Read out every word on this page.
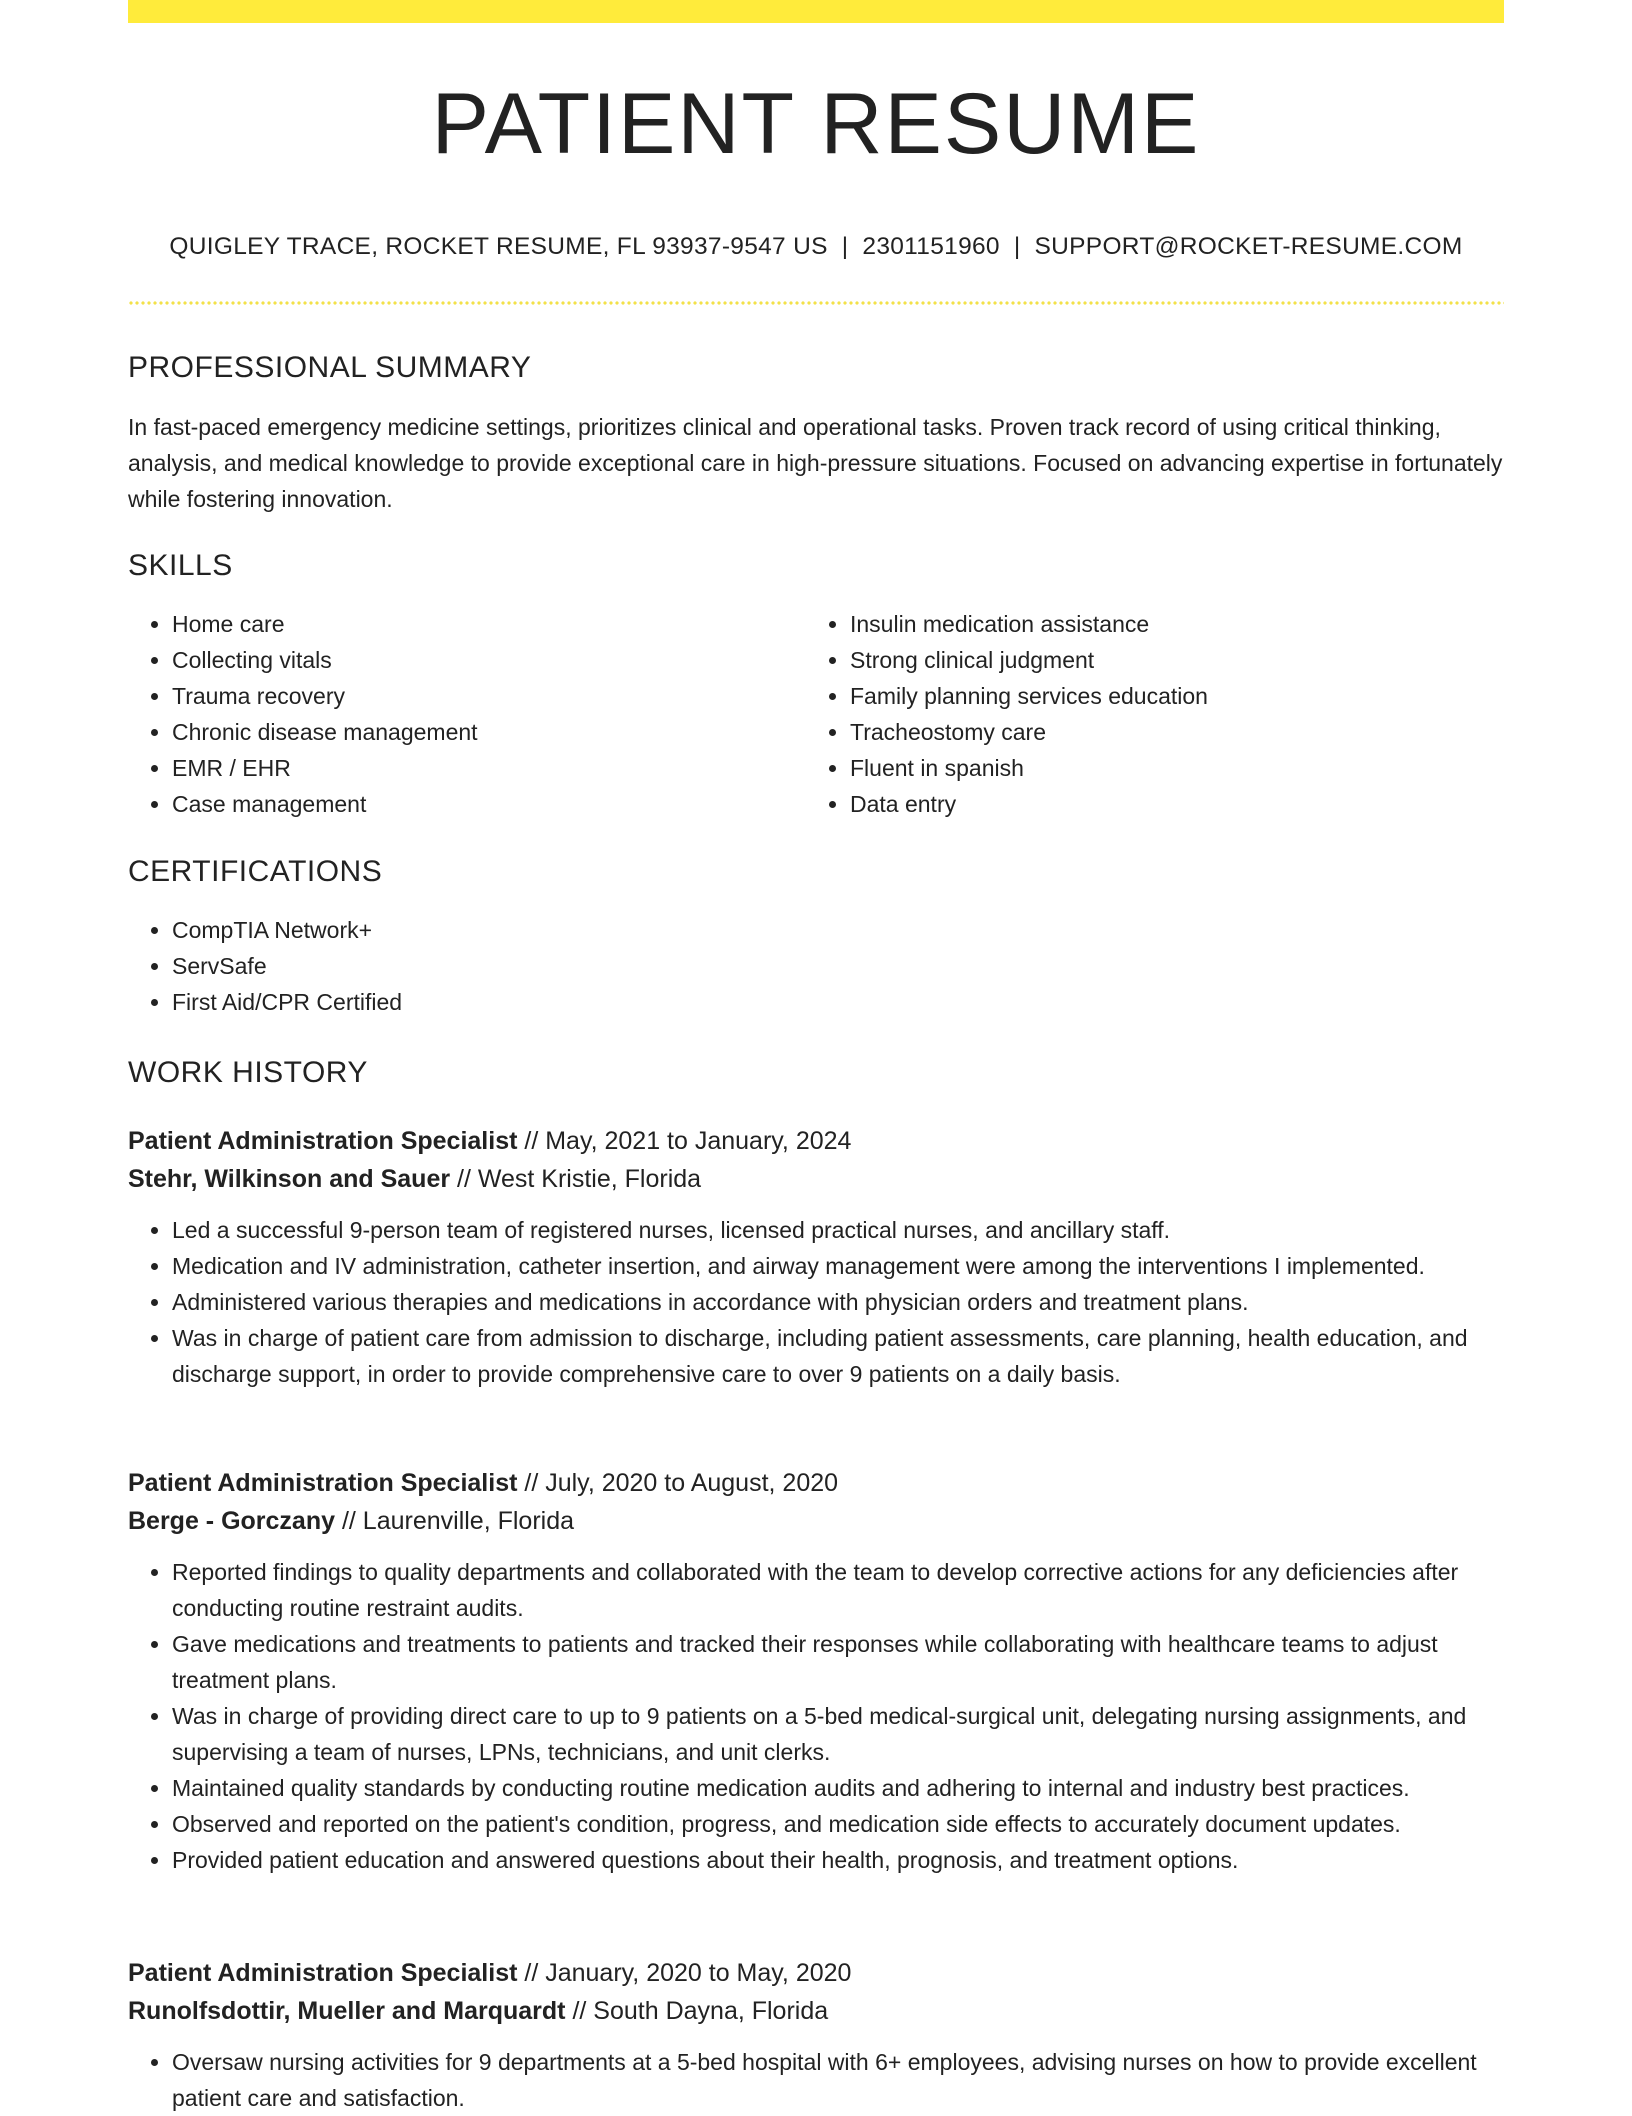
PATIENT RESUME
QUIGLEY TRACE, ROCKET RESUME, FL 93937-9547 US | 2301151960 | SUPPORT@ROCKET-RESUME.COM
PROFESSIONAL SUMMARY

In fast-paced emergency medicine settings, prioritizes clinical and operational tasks. Proven track record of using critical thinking, analysis, and medical knowledge to provide exceptional care in high-pressure situations. Focused on advancing expertise in fortunately while fostering innovation.

SKILLS
• Home care
• Collecting vitals
• Trauma recovery
• Chronic disease management
• EMR / EHR
• Case management
• Insulin medication assistance
• Strong clinical judgment
• Family planning services education
• Tracheostomy care
• Fluent in spanish
• Data entry
CERTIFICATIONS
• CompTIA Network+
• ServSafe
• First Aid/CPR Certified
WORK HISTORY
Patient Administration Specialist // May, 2021 to January, 2024
Stehr, Wilkinson and Sauer // West Kristie, Florida
• Led a successful 9-person team of registered nurses, licensed practical nurses, and ancillary staff.
• Medication and IV administration, catheter insertion, and airway management were among the interventions I implemented.
• Administered various therapies and medications in accordance with physician orders and treatment plans.
• Was in charge of patient care from admission to discharge, including patient assessments, care planning, health education, and discharge support, in order to provide comprehensive care to over 9 patients on a daily basis.
Patient Administration Specialist // July, 2020 to August, 2020
Berge - Gorczany // Laurenville, Florida
• Reported findings to quality departments and collaborated with the team to develop corrective actions for any deficiencies after conducting routine restraint audits.
• Gave medications and treatments to patients and tracked their responses while collaborating with healthcare teams to adjust treatment plans.
• Was in charge of providing direct care to up to 9 patients on a 5-bed medical-surgical unit, delegating nursing assignments, and supervising a team of nurses, LPNs, technicians, and unit clerks.
• Maintained quality standards by conducting routine medication audits and adhering to internal and industry best practices.
• Observed and reported on the patient's condition, progress, and medication side effects to accurately document updates.
• Provided patient education and answered questions about their health, prognosis, and treatment options.
Patient Administration Specialist // January, 2020 to May, 2020
Runolfsdottir, Mueller and Marquardt // South Dayna, Florida
• Oversaw nursing activities for 9 departments at a 5-bed hospital with 6+ employees, advising nurses on how to provide excellent patient care and satisfaction.
